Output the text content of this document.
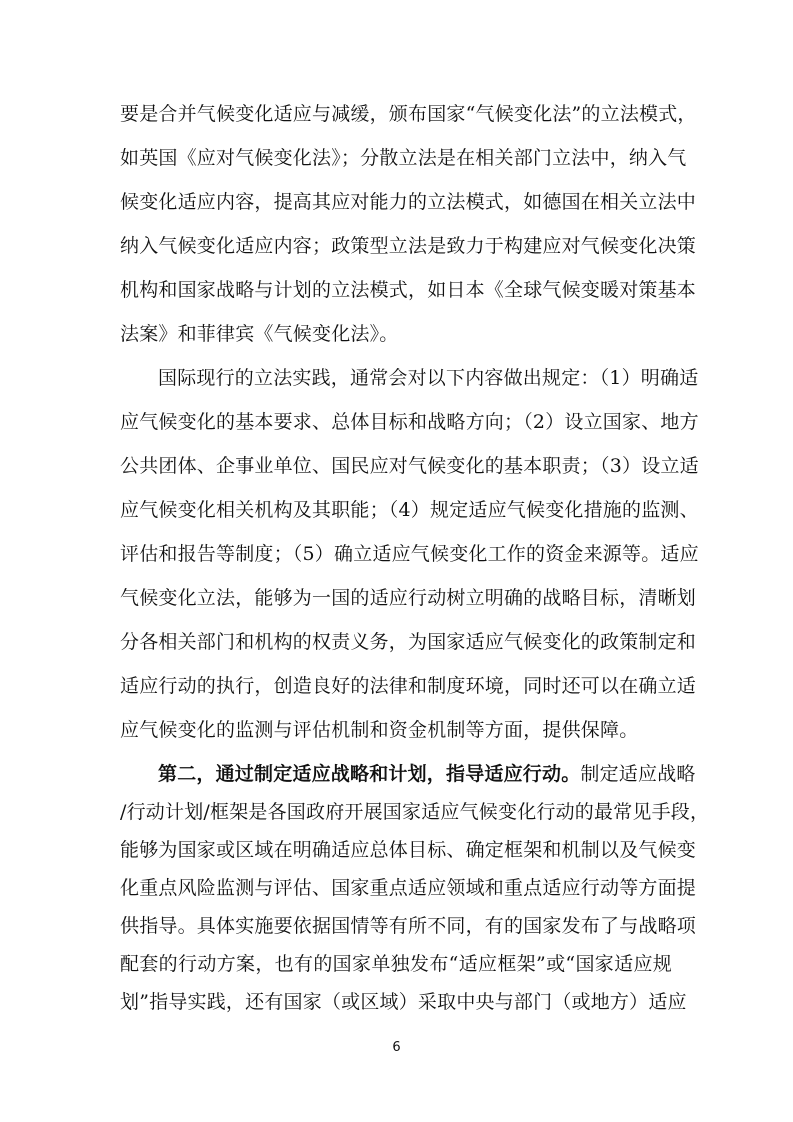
要是合并气候变化适应与减缓，颁布国家“气候变化法”的立法模式，
如英国《应对气候变化法》；分散立法是在相关部门立法中，纳入气
候变化适应内容，提高其应对能力的立法模式，如德国在相关立法中
纳入气候变化适应内容；政策型立法是致力于构建应对气候变化决策
机构和国家战略与计划的立法模式，如日本《全球气候变暖对策基本
法案》和菲律宾《气候变化法》。
国际现行的立法实践，通常会对以下内容做出规定：（1）明确适
应气候变化的基本要求、总体目标和战略方向；（2）设立国家、地方
公共团体、企事业单位、国民应对气候变化的基本职责；（3）设立适
应气候变化相关机构及其职能；（4）规定适应气候变化措施的监测、
评估和报告等制度；（5）确立适应气候变化工作的资金来源等。适应
气候变化立法，能够为一国的适应行动树立明确的战略目标，清晰划
分各相关部门和机构的权责义务，为国家适应气候变化的政策制定和
适应行动的执行，创造良好的法律和制度环境，同时还可以在确立适
应气候变化的监测与评估机制和资金机制等方面，提供保障。
第二，通过制定适应战略和计划，指导适应行动。制定适应战略
/行动计划/框架是各国政府开展国家适应气候变化行动的最常见手段，
能够为国家或区域在明确适应总体目标、确定框架和机制以及气候变
化重点风险监测与评估、国家重点适应领域和重点适应行动等方面提
供指导。具体实施要依据国情等有所不同，有的国家发布了与战略项
配套的行动方案，也有的国家单独发布“适应框架”或“国家适应规
划”指导实践，还有国家（或区域）采取中央与部门（或地方）适应
6
